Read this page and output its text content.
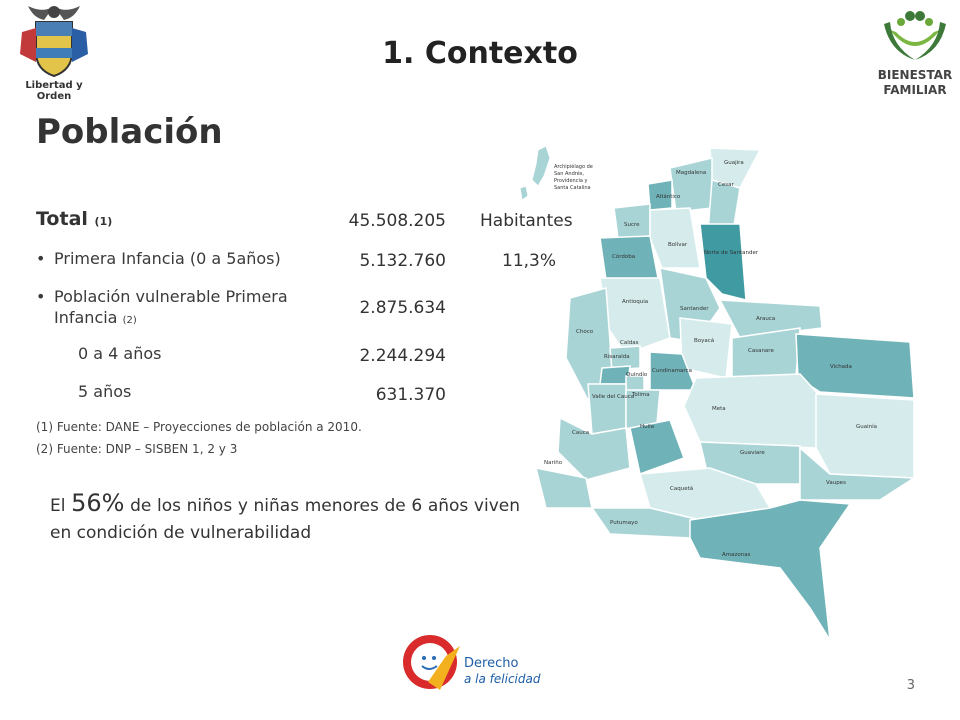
Libertad y Orden
1. Contexto
BIENESTAR
FAMILIAR
Población
Archipiélago de
San Andrés,
Providencia y
Santa Catalina
Guajira
Magdalena
Atlántico
Cesar
Sucre
Bolívar
Córdoba
Norte de Santander
Antioquia
Santander
Arauca
Choco
Boyacá
Casanare
Caldas
Risaralda
Quindío
Cundinamarca
Vichada
Valle del Cauca
Tolima
Meta
Cauca
Huila	Guainía
Nariño
Guaviare
Vaupes
Caquetá
Putumayo
Amazonas
Total (1)	45.508.205 Habitantes
• Primera Infancia (0 a 5años)	5.132.760	11,3%
• Población vulnerable Primera
Infancia (2)
2.875.634
0 a 4 años	2.244.294
5 años	631.370
(1) Fuente: DANE – Proyecciones de población a 2010.
(2) Fuente: DNP – SISBEN 1, 2 y 3
El 56% de los niños y niñas menores de 6 años viven en condición de vulnerabilidad
Derecho
a la felicidad	3
